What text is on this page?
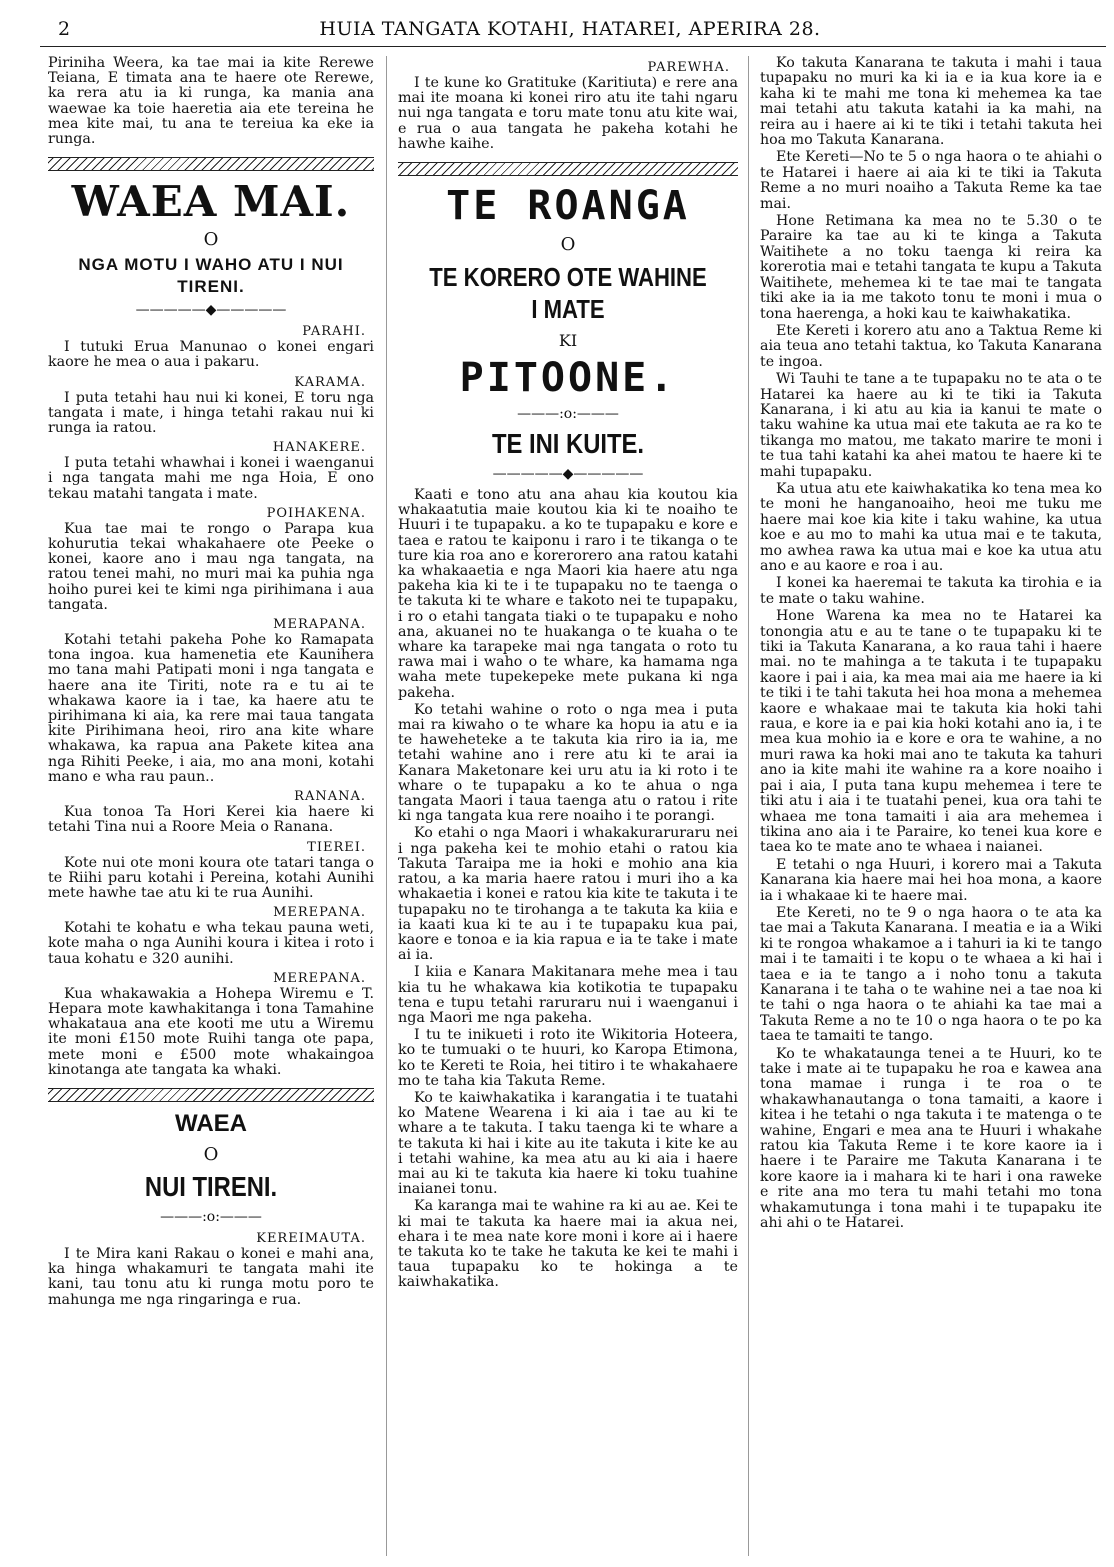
2	HUIA TANGATA KOTAHI, HATAREI, APERIRA 28.

Piriniha Weera, ka tae mai ia kite Rerewe Teiana, E timata ana te haere ote Rerewe, ka rera atu ia ki runga, ka mania ana waewae ka toie haeretia aia ete tereina he mea kite mai, tu ana te tereiua ka eke ia runga.

WAEA MAI.
O
NGA MOTU I WAHO ATU I NUI TIRENI.
—————◆—————
PARAHI.

I tutuki Erua Manunao o konei engari kaore he mea o aua i pakaru.

KARAMA.

I puta tetahi hau nui ki konei, E toru nga tangata i mate, i hinga tetahi rakau nui ki runga ia ratou.

HANAKERE.

I puta tetahi whawhai i konei i waenganui i nga tangata mahi me nga Hoia, E ono tekau matahi tangata i mate.

POIHAKENA.

Kua tae mai te rongo o Parapa kua kohurutia tekai whakahaere ote Peeke o konei, kaore ano i mau nga tangata, na ratou tenei mahi, no muri mai ka puhia nga hoiho purei kei te kimi nga pirihimana i aua tangata.

MERAPANA.

Kotahi tetahi pakeha Pohe ko Ramapata tona ingoa. kua hamenetia ete Kaunihera mo tana mahi Patipati moni i nga tangata e haere ana ite Tiriti, note ra e tu ai te whakawa kaore ia i tae, ka haere atu te pirihimana ki aia, ka rere mai taua tangata kite Pirihimana heoi, riro ana kite whare whakawa, ka rapua ana Pakete kitea ana nga Rihiti Peeke, i aia, mo ana moni, kotahi mano e wha rau paun..

RANANA.

Kua tonoa Ta Hori Kerei kia haere ki tetahi Tina nui a Roore Meia o Ranana.

TIEREI.

Kote nui ote moni koura ote tatari tanga o te Riihi paru kotahi i Pereina, kotahi Aunihi mete hawhe tae atu ki te rua Aunihi.

MEREPANA.

Kotahi te kohatu e wha tekau pauna weti, kote maha o nga Aunihi koura i kitea i roto i taua kohatu e 320 aunihi.

MEREPANA.

Kua whakawakia a Hohepa Wiremu e T. Hepara mote kawhakitanga i tona Tamahine whakataua ana ete kooti me utu a Wiremu ite moni £150 mote Ruihi tanga ote papa, mete moni e £500 mote whakaingoa kinotanga ate tangata ka whaki.

WAEA
O
NUI TIRENI.
———:o:———
KEREIMAUTA.

I te Mira kani Rakau o konei e mahi ana, ka hinga whakamuri te tangata mahi ite kani, tau tonu atu ki runga motu poro te mahunga me nga ringaringa e rua.

PAREWHA.

I te kune ko Gratituke (Karitiuta) e rere ana mai ite moana ki konei riro atu ite tahi ngaru nui nga tangata e toru mate tonu atu kite wai, e rua o aua tangata he pakeha kotahi he hawhe kaihe.

TE ROANGA
O
TE KORERO OTE WAHINE I MATE
KI
PITOONE.
———:o:———
TE INI KUITE.
—————◆—————

Kaati e tono atu ana ahau kia koutou kia whakaatutia maie koutou kia ki te noaiho te Huuri i te tupapaku. a ko te tupapaku e kore e taea e ratou te kaiponu i raro i te tikanga o te ture kia roa ano e korerorero ana ratou katahi ka whakaaetia e nga Maori kia haere atu nga pakeha kia ki te i te tupapaku no te taenga o te takuta ki te whare e takoto nei te tupapaku, i ro o etahi tangata tiaki o te tupapaku e noho ana, akuanei no te huakanga o te kuaha o te whare ka tarapeke mai nga tangata o roto tu rawa mai i waho o te whare, ka hamama nga waha mete tupekepeke mete pukana ki nga pakeha.

Ko tetahi wahine o roto o nga mea i puta mai ra kiwaho o te whare ka hopu ia atu e ia te haweheteke a te takuta kia riro ia ia, me tetahi wahine ano i rere atu ki te arai ia Kanara Maketonare kei uru atu ia ki roto i te whare o te tupapaku a ko te ahua o nga tangata Maori i taua taenga atu o ratou i rite ki nga tangata kua rere noaiho i te porangi.

Ko etahi o nga Maori i whakakuraruraru nei i nga pakeha kei te mohio etahi o ratou kia Takuta Taraipa me ia hoki e mohio ana kia ratou, a ka maria haere ratou i muri iho a ka whakaetia i konei e ratou kia kite te takuta i te tupapaku no te tirohanga a te takuta ka kiia e ia kaati kua ki te au i te tupapaku kua pai, kaore e tonoa e ia kia rapua e ia te take i mate ai ia.

I kiia e Kanara Makitanara mehe mea i tau kia tu he whakawa kia kotikotia te tupapaku tena e tupu tetahi raruraru nui i waenganui i nga Maori me nga pakeha.

I tu te inikueti i roto ite Wikitoria Hoteera, ko te tumuaki o te huuri, ko Karopa Etimona, ko te Kereti te Roia, hei titiro i te whakahaere mo te taha kia Takuta Reme.

Ko te kaiwhakatika i karangatia i te tuatahi ko Matene Wearena i ki aia i tae au ki te whare a te takuta. I taku taenga ki te whare a te takuta ki hai i kite au ite takuta i kite ke au i tetahi wahine, ka mea atu au ki aia i haere mai au ki te takuta kia haere ki toku tuahine inaianei tonu.

Ka karanga mai te wahine ra ki au ae. Kei te ki mai te takuta ka haere mai ia akua nei, ehara i te mea nate kore moni i kore ai i haere te takuta ko te take he takuta ke kei te mahi i taua tupapaku ko te hokinga a te kaiwhakatika.

Ko takuta Kanarana te takuta i mahi i taua tupapaku no muri ka ki ia e ia kua kore ia e kaha ki te mahi me tona ki mehemea ka tae mai tetahi atu takuta katahi ia ka mahi, na reira au i haere ai ki te tiki i tetahi takuta hei hoa mo Takuta Kanarana.

Ete Kereti—No te 5 o nga haora o te ahiahi o te Hatarei i haere ai aia ki te tiki ia Takuta Reme a no muri noaiho a Takuta Reme ka tae mai.

Hone Retimana ka mea no te 5.30 o te Paraire ka tae au ki te kinga a Takuta Waitihete a no toku taenga ki reira ka korerotia mai e tetahi tangata te kupu a Takuta Waitihete, mehemea ki te tae mai te tangata tiki ake ia ia me takoto tonu te moni i mua o tona haerenga, a hoki kau te kaiwhakatika.

Ete Kereti i korero atu ano a Taktua Reme ki aia teua ano tetahi taktua, ko Takuta Kanarana te ingoa.

Wi Tauhi te tane a te tupapaku no te ata o te Hatarei ka haere au ki te tiki ia Takuta Kanarana, i ki atu au kia ia kanui te mate o taku wahine ka utua mai ete takuta ae ra ko te tikanga mo matou, me takato marire te moni i te tua tahi katahi ka ahei matou te haere ki te mahi tupapaku.

Ka utua atu ete kaiwhakatika ko tena mea ko te moni he hanganoaiho, heoi me tuku me haere mai koe kia kite i taku wahine, ka utua koe e au mo to mahi ka utua mai e te takuta, mo awhea rawa ka utua mai e koe ka utua atu ano e au kaore e roa i au.

I konei ka haeremai te takuta ka tirohia e ia te mate o taku wahine.

Hone Warena ka mea no te Hatarei ka tonongia atu e au te tane o te tupapaku ki te tiki ia Takuta Kanarana, a ko raua tahi i haere mai. no te mahinga a te takuta i te tupapaku kaore i pai i aia, ka mea mai aia me haere ia ki te tiki i te tahi takuta hei hoa mona a mehemea kaore e whakaae mai te takuta kia hoki tahi raua, e kore ia e pai kia hoki kotahi ano ia, i te mea kua mohio ia e kore e ora te wahine, a no muri rawa ka hoki mai ano te takuta ka tahuri ano ia kite mahi ite wahine ra a kore noaiho i pai i aia, I puta tana kupu mehemea i tere te tiki atu i aia i te tuatahi penei, kua ora tahi te whaea me tona tamaiti i aia ara mehemea i tikina ano aia i te Paraire, ko tenei kua kore e taea ko te mate ano te whaea i naianei.

E tetahi o nga Huuri, i korero mai a Takuta Kanarana kia haere mai hei hoa mona, a kaore ia i whakaae ki te haere mai.

Ete Kereti, no te 9 o nga haora o te ata ka tae mai a Takuta Kanarana. I meatia e ia a Wiki ki te rongoa whakamoe a i tahuri ia ki te tango mai i te tamaiti i te kopu o te whaea a ki hai i taea e ia te tango a i noho tonu a takuta Kanarana i te taha o te wahine nei a tae noa ki te tahi o nga haora o te ahiahi ka tae mai a Takuta Reme a no te 10 o nga haora o te po ka taea te tamaiti te tango.

Ko te whakataunga tenei a te Huuri, ko te take i mate ai te tupapaku he roa e kawea ana tona mamae i runga i te roa o te whakawhanautanga o tona tamaiti, a kaore i kitea i he tetahi o nga takuta i te matenga o te wahine, Engari e mea ana te Huuri i whakahe ratou kia Takuta Reme i te kore kaore ia i haere i te Paraire me Takuta Kanarana i te kore kaore ia i mahara ki te hari i ona raweke e rite ana mo tera tu mahi tetahi mo tona whakamutunga i tona mahi i te tupapaku ite ahi ahi o te Hatarei.
